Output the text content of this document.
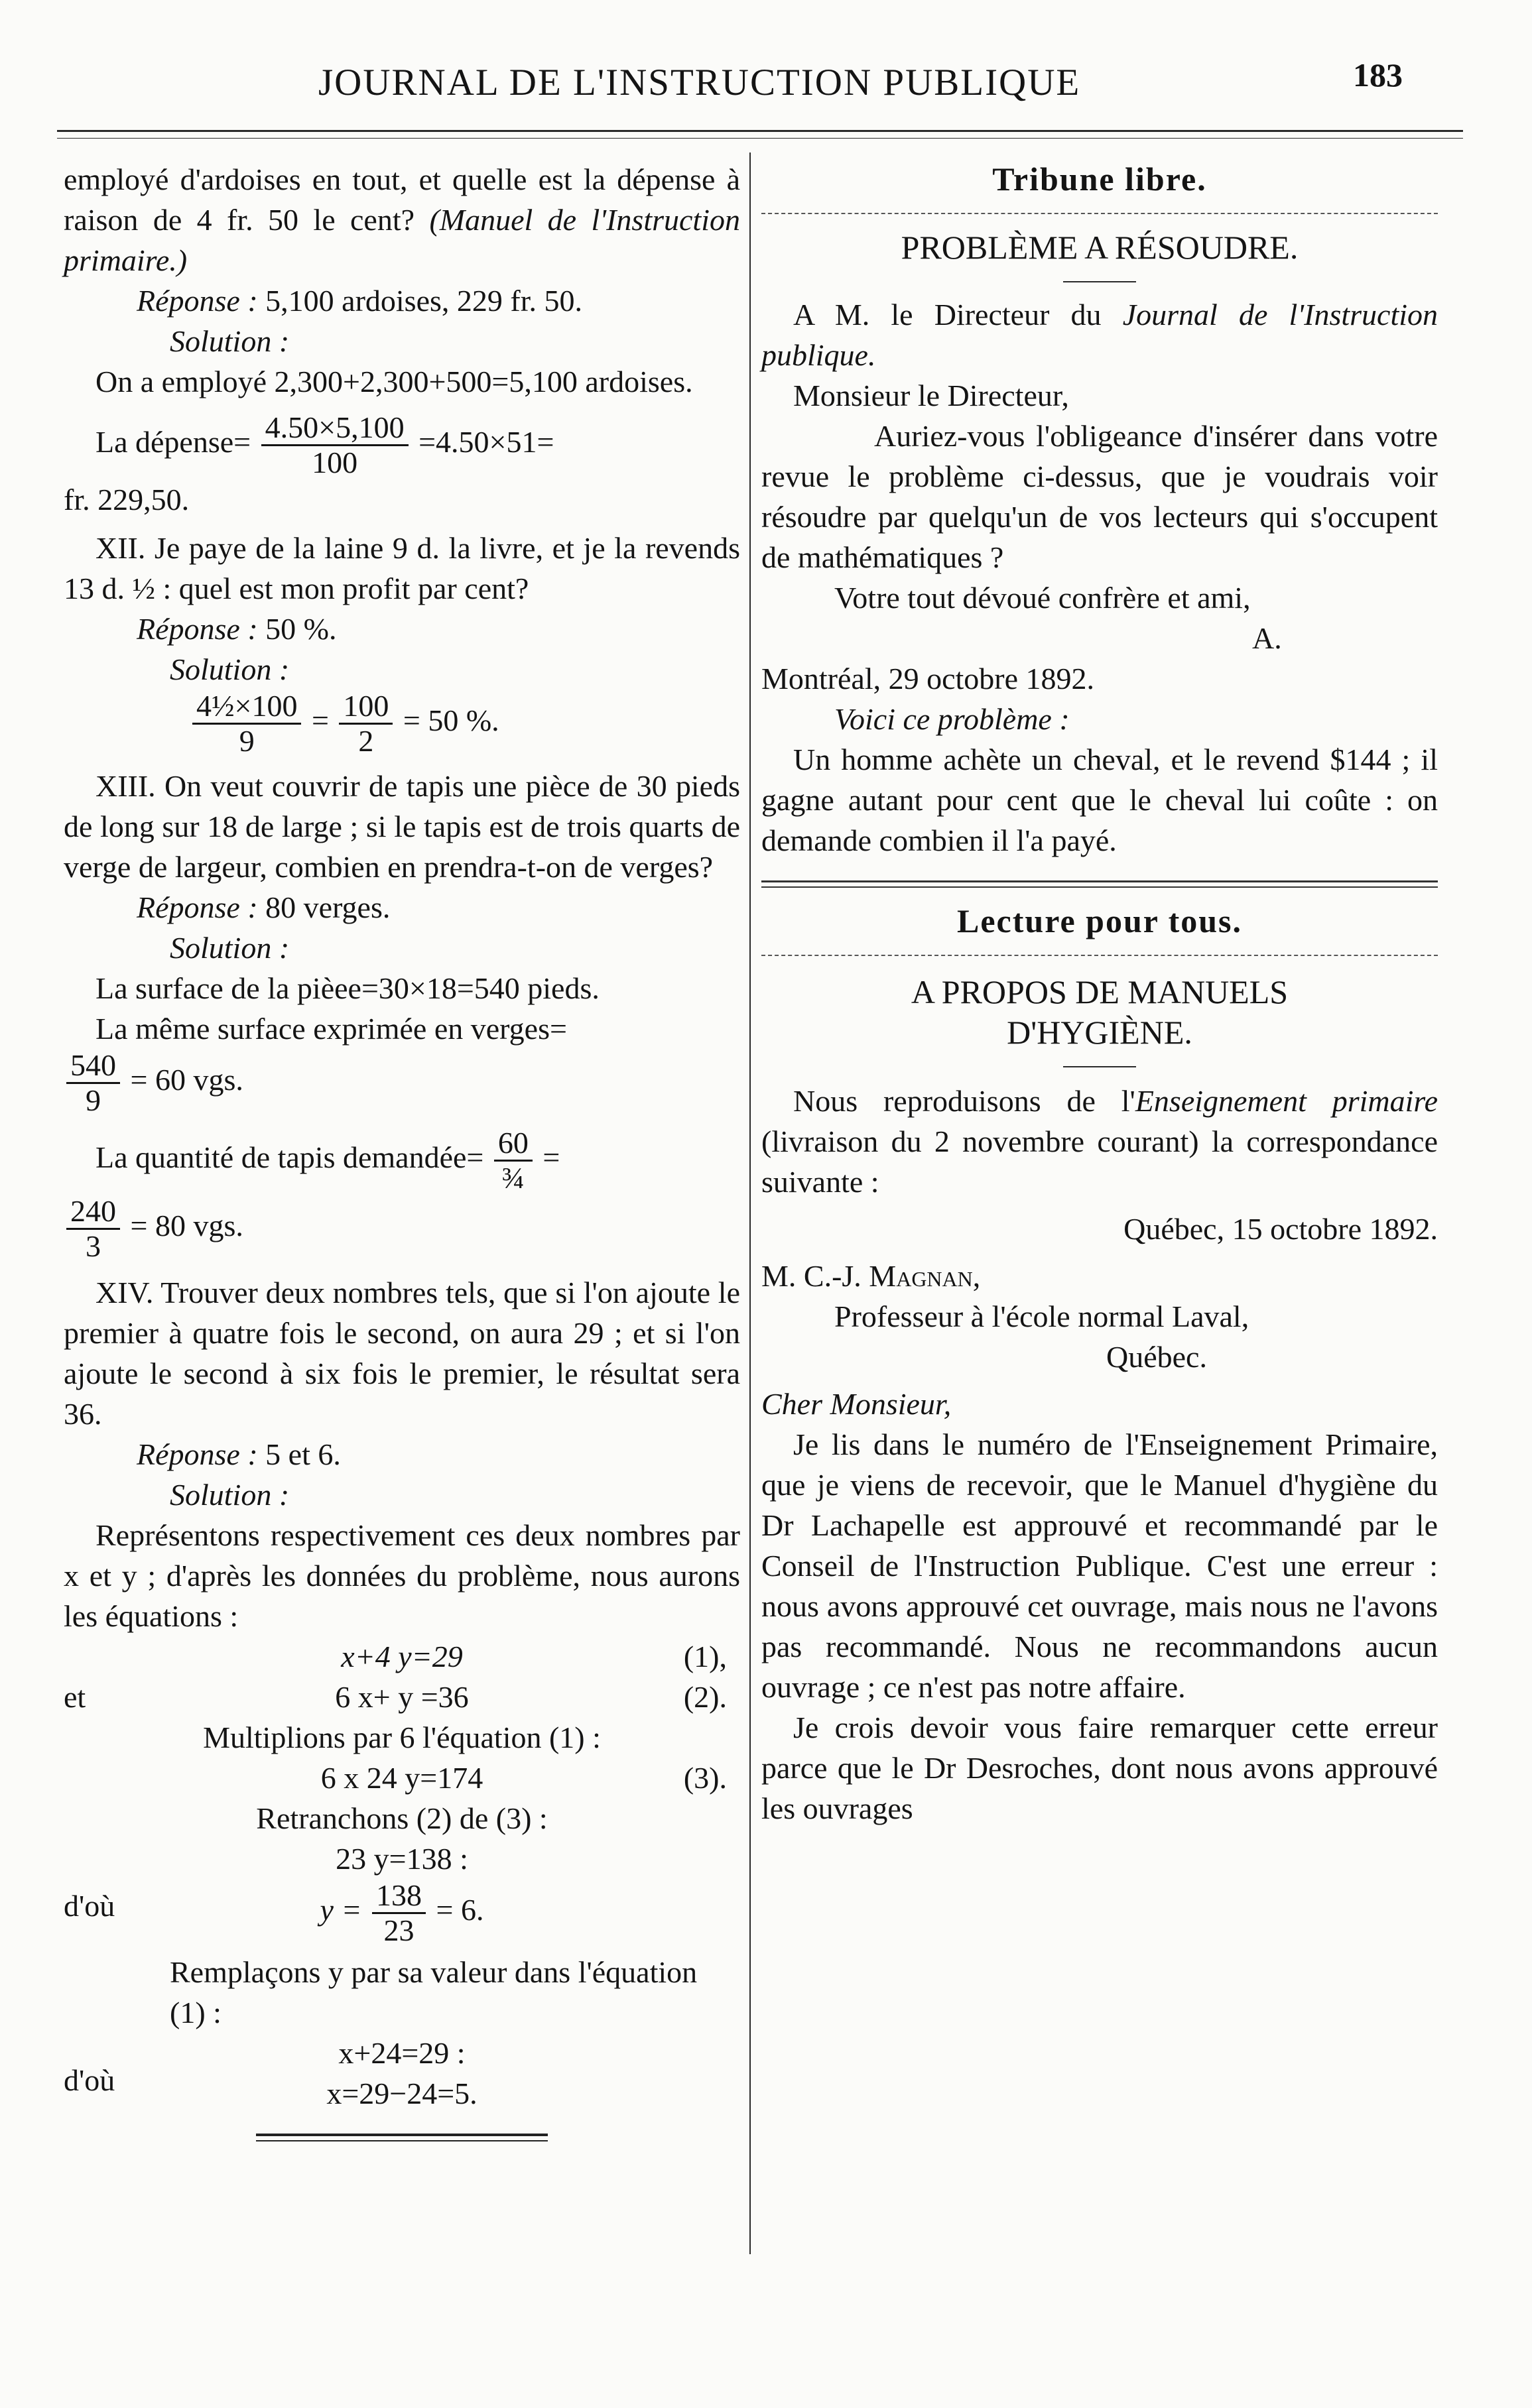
JOURNAL DE L'INSTRUCTION PUBLIQUE	183

employé d'ardoises en tout, et quelle est la dépense à raison de 4 fr. 50 le cent? (Manuel de l'Instruction primaire.)

Réponse : 5,100 ardoises, 229 fr. 50.

Solution :

On a employé 2,300+2,300+500=5,100 ardoises.

La dépense= $\frac{4.50\times 5,100}{100} =4.50\times 51=$

fr. 229,50.

XII. Je paye de la laine 9 d. la livre, et je la revends 13 d. ½ : quel est mon profit par cent?

Réponse : 50 %.

Solution :

$\frac{\text{4½×100}}{9} = \frac{100}{2} = 50$ %.

XIII. On veut couvrir de tapis une pièce de 30 pieds de long sur 18 de large ; si le tapis est de trois quarts de verge de largeur, combien en prendra-t-on de verges?

Réponse : 80 verges.

Solution :

La surface de la pièee=30×18=540 pieds.

La même surface exprimée en verges=

$\frac{540}{9} = 60$ vgs.

La quantité de tapis demandée= $\frac{60}{\text{¾}}$ =

$\frac{240}{3} = 80$ vgs.

XIV. Trouver deux nombres tels, que si l'on ajoute le premier à quatre fois le second, on aura 29 ; et si l'on ajoute le second à six fois le premier, le résultat sera 36.

Réponse : 5 et 6.

Solution :

Représentons respectivement ces deux nombres par x et y ; d'après les données du problème, nous aurons les équations :

x+4 y=29	(1),
et	6 x+ y =36	(2).

Multiplions par 6 l'équation (1) :

6 x 24 y=174	(3).

Retranchons (2) de (3) :

23 y=138 :

d'où	$y = \frac{138}{23} = 6$.

Remplaçons y par sa valeur dans l'équation (1) :

x+24=29 :

d'où	x=29−24=5.
Tribune libre.

PROBLÈME A RÉSOUDRE.

A M. le Directeur du Journal de l'Instruction publique.

Monsieur le Directeur,

Auriez-vous l'obligeance d'insérer dans votre revue le problème ci-dessus, que je voudrais voir résoudre par quelqu'un de vos lecteurs qui s'occupent de mathématiques ?

Votre tout dévoué confrère et ami,

A.

Montréal, 29 octobre 1892.

Voici ce problème :

Un homme achète un cheval, et le revend $144 ; il gagne autant pour cent que le cheval lui coûte : on demande combien il l'a payé.

Lecture pour tous.

A PROPOS DE MANUELS

D'HYGIÈNE.

Nous reproduisons de l'Enseignement primaire (livraison du 2 novembre courant) la correspondance suivante :

Québec, 15 octobre 1892.

M. C.-J. Magnan,

Professeur à l'école normal Laval,

Québec.

Cher Monsieur,

Je lis dans le numéro de l'Enseignement Primaire, que je viens de recevoir, que le Manuel d'hygiène du Dr Lachapelle est approuvé et recommandé par le Conseil de l'Instruction Publique. C'est une erreur : nous avons approuvé cet ouvrage, mais nous ne l'avons pas recommandé. Nous ne recommandons aucun ouvrage ; ce n'est pas notre affaire.

Je crois devoir vous faire remarquer cette erreur parce que le Dr Desroches, dont nous avons approuvé les ouvrages
